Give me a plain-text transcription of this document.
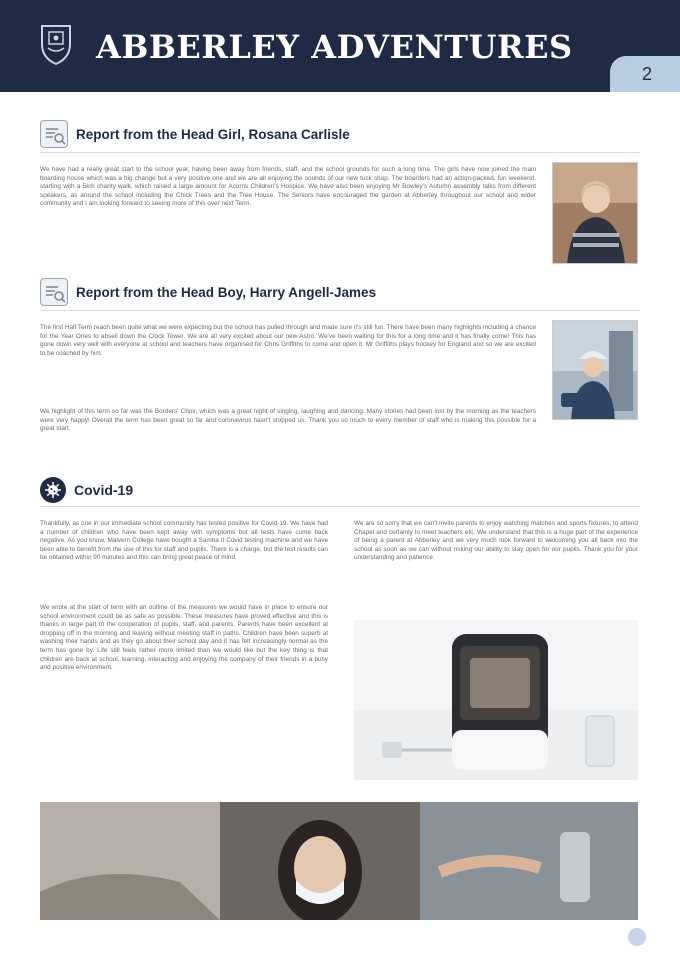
ABBERLEY ADVENTURES
2
Report from the Head Girl, Rosana Carlisle
We have had a really great start to the school year, having been away from friends, staff, and the school grounds for such a long time. The girls have now joined the main boarding house which was a big change but a very positive one and we are all enjoying the sounds of our new tuck shop. The boarders had an action-packed, fun weekend, starting with a 5km charity walk, which raised a large amount for Acorns Children's Hospice. We have also been enjoying Mr Bowley's Autumn assembly talks from different speakers, as around the school including the Chick Trees and the Tree House. The Seniors have encouraged the garden at Abberley throughout our school and wider community and I am looking forward to seeing more of this over next Term.
Report from the Head Boy, Harry Angell-James
The first Half Term reach been quite what we were expecting but the school has pulled through and made sure it's still fun. There have been many highlights including a chance for the Year Ones to abseil down the Clock Tower. We are all very excited about our new Astro. We've been waiting for this for a long time and it has finally come! This has gone down very well with everyone at school and teachers have organised for Chris Griffiths to come and open it. Mr Griffiths plays hockey for England and so we are excited to be coached by him.
We highlight of this term so far was the Borders' Choir, which was a great night of singing, laughing and dancing. Many stories had been lost by the morning as the teachers were very happy! Overall the term has been great so far and coronavirus hasn't stopped us. Thank you so much to every member of staff who is making this possible for a great start.
Covid-19
Thankfully, as one in our immediate school community has tested positive for Covid-19. We have had a number of children who have been kept away with symptoms but all tests have come back negative. As you know, Malvern College have bought a Samba II Covid testing machine and we have been able to benefit from the use of this for staff and pupils. There is a charge, but the test results can be obtained within 90 minutes and this can bring great peace of mind.
We wrote at the start of term with an outline of the measures we would have in place to ensure our school environment could be as safe as possible. These measures have proved effective and this is thanks in large part to the cooperation of pupils, staff, and parents. Parents have been excellent at dropping off in the morning and leaving without meeting staff in paths. Children have been superb at washing their hands and as they go about their school day and it has felt increasingly normal as the term has gone by. Life still feels rather more limited than we would like but the key thing is that children are back at school, learning, interacting and enjoying the company of their friends in a busy and positive environment.
We are so sorry that we can't invite parents to enjoy watching matches and sports fixtures, to attend Chapel and certainly to meet teachers etc. We understand that this is a huge part of the experience of being a parent at Abberley and we very much look forward to welcoming you all back into the school as soon as we can without risking our ability to stay open for our pupils. Thank you for your understanding and patience.
